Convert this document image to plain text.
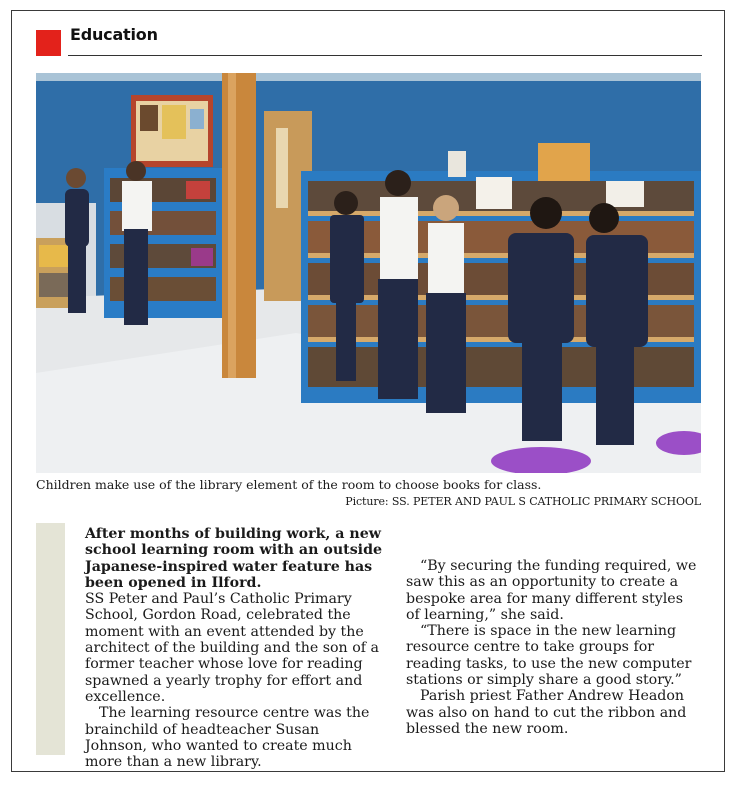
Education
Children make use of the library element of the room to choose books for class.
Picture: SS. PETER AND PAUL S CATHOLIC PRIMARY SCHOOL

After months of building work, a new school learning room with an outside Japanese-inspired water feature has been opened in Ilford.

SS Peter and Paul’s Catholic Primary School, Gordon Road, celebrated the moment with an event attended by the architect of the building and the son of a former teacher whose love for reading spawned a yearly trophy for effort and excellence.

The learning resource centre was the brainchild of headteacher Susan Johnson, who wanted to create much more than a new library.

“By securing the funding required, we saw this as an opportunity to create a bespoke area for many different styles of learning,” she said.

“There is space in the new learning resource centre to take groups for reading tasks, to use the new computer stations or simply share a good story.”

Parish priest Father Andrew Headon was also on hand to cut the ribbon and blessed the new room.
